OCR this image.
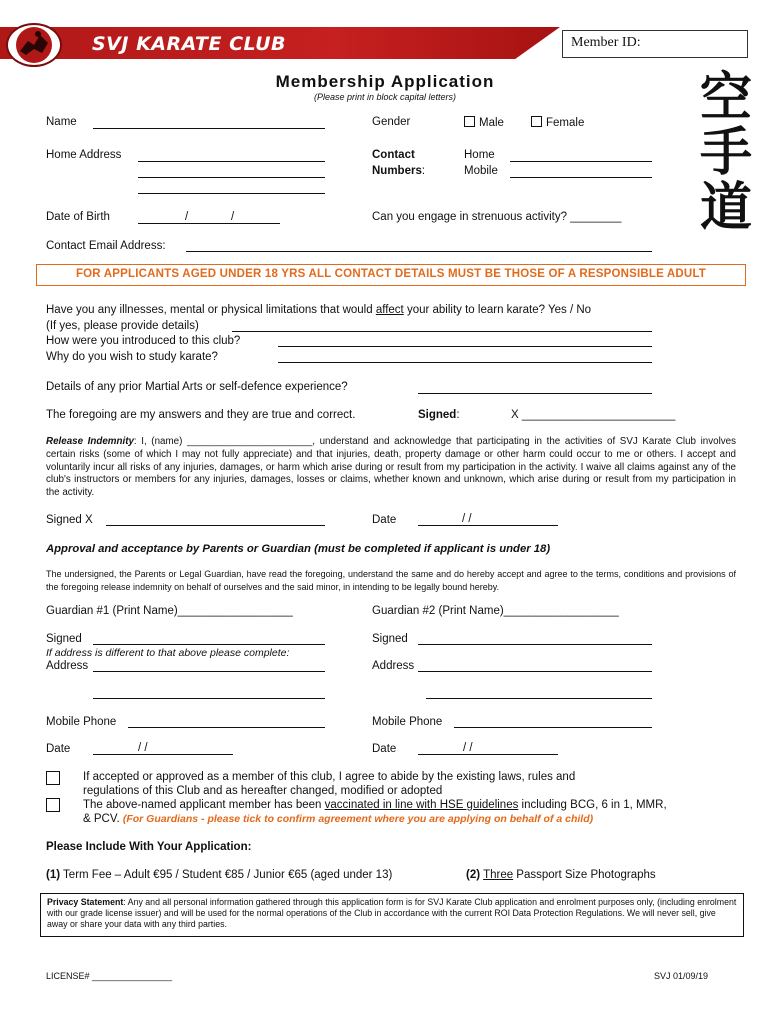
SVJ KARATE CLUB	Member ID:
Membership Application
(Please print in block capital letters)	空
手
道
Name	Gender	Male	Female
Home Address	Contact
Numbers:
Home
Mobile
Date of Birth	/	/	Can you engage in strenuous activity? ________
Contact Email Address:
FOR APPLICANTS AGED UNDER 18 YRS ALL CONTACT DETAILS MUST BE THOSE OF A RESPONSIBLE ADULT
Have you any illnesses, mental or physical limitations that would affect your ability to learn karate? Yes / No
(If yes, please provide details)
How were you introduced to this club?
Why do you wish to study karate?
Details of any prior Martial Arts or self-defence experience?
The foregoing are my answers and they are true and correct.	Signed:	X ________________________
Release Indemnity: I, (name) _______________________, understand and acknowledge that participating in the activities of SVJ Karate Club involves certain risks (some of which I may not fully appreciate) and that injuries, death, property damage or other harm could occur to me or others. I accept and voluntarily incur all risks of any injuries, damages, or harm which arise during or result from my participation in the activity. I waive all claims against any of the club's instructors or members for any injuries, damages, losses or claims, whether known and unknown, which arise during or result from my participation in the activity.
Signed X	Date	/ /
Approval and acceptance by Parents or Guardian (must be completed if applicant is under 18)
The undersigned, the Parents or Legal Guardian, have read the foregoing, understand the same and do hereby accept and agree to the terms, conditions and provisions of the foregoing release indemnity on behalf of ourselves and the said minor, in intending to be legally bound hereby.
Guardian #1 (Print Name)__________________	Guardian #2 (Print Name)__________________
Signed	Signed
If address is different to that above please complete:
Address	Address
Mobile Phone	Mobile Phone
Date	/ /	Date	/ /
If accepted or approved as a member of this club, I agree to abide by the existing laws, rules and
regulations of this Club and as hereafter changed, modified or adopted
The above-named applicant member has been vaccinated in line with HSE guidelines including BCG, 6 in 1, MMR,
& PCV. (For Guardians - please tick to confirm agreement where you are applying on behalf of a child)
Please Include With Your Application:
(1) Term Fee – Adult €95 / Student €85 / Junior €65 (aged under 13)	(2) Three Passport Size Photographs
Privacy Statement: Any and all personal information gathered through this application form is for SVJ Karate Club application and enrolment purposes only, (including enrolment with our grade license issuer) and will be used for the normal operations of the Club in accordance with the current ROI Data Protection Regulations. We will never sell, give away or share your data with any third parties.
LICENSE# ________________	SVJ 01/09/19
